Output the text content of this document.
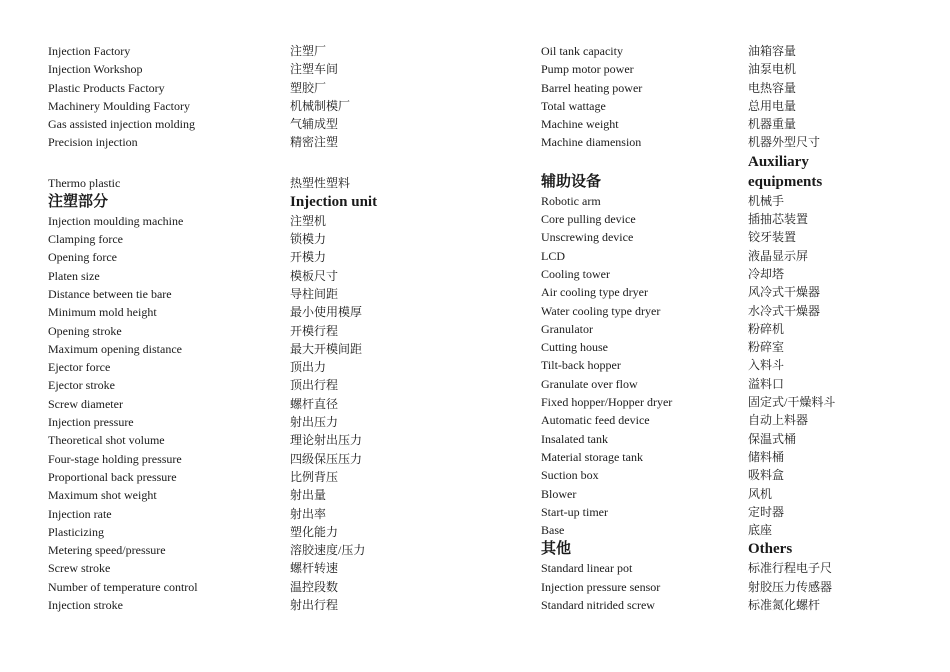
Injection Factory
Injection Workshop
Plastic Products Factory
Machinery Moulding Factory
Gas assisted injection molding
Precision injection
Thermo plastic
注塑部分
Injection moulding machine
Clamping force
Opening force
Platen size
Distance between tie bare
Minimum mold height
Opening stroke
Maximum opening distance
Ejector force
Ejector stroke
Screw diameter
Injection pressure
Theoretical shot volume
Four-stage holding pressure
Proportional back pressure
Maximum shot weight
Injection rate
Plasticizing
Metering speed/pressure
Screw stroke
Number of temperature control
Injection stroke
注塑厂
注塑车间
塑胶厂
机械制模厂
气辅成型
精密注塑
热塑性塑料
Injection unit
注塑机
锁模力
开模力
模板尺寸
导柱间距
最小使用模厚
开模行程
最大开模间距
顶出力
顶出行程
螺杆直径
射出压力
理论射出压力
四级保压压力
比例背压
射出量
射出率
塑化能力
溶胶速度/压力
螺杆转速
温控段数
射出行程
Oil tank capacity
Pump motor power
Barrel heating power
Total wattage
Machine weight
Machine diamension
辅助设备
Robotic arm
Core pulling device
Unscrewing device
LCD
Cooling tower
Air cooling type dryer
Water cooling type dryer
Granulator
Cutting house
Tilt-back hopper
Granulate over flow
Fixed hopper/Hopper dryer
Automatic feed device
Insalated tank
Material storage tank
Suction box
Blower
Start-up timer
Base
其他
Standard linear pot
Injection pressure sensor
Standard nitrided screw
油箱容量
油泵电机
电热容量
总用电量
机器重量
机器外型尺寸
Auxiliary
equipments
机械手
插抽芯装置
铰牙装置
液晶显示屏
冷却塔
风冷式干燥器
水冷式干燥器
粉碎机
粉碎室
入料斗
溢料口
固定式/干燥料斗
自动上料器
保温式桶
储料桶
吸料盒
风机
定时器
底座
Others
标准行程电子尺
射胶压力传感器
标准氮化螺杆
